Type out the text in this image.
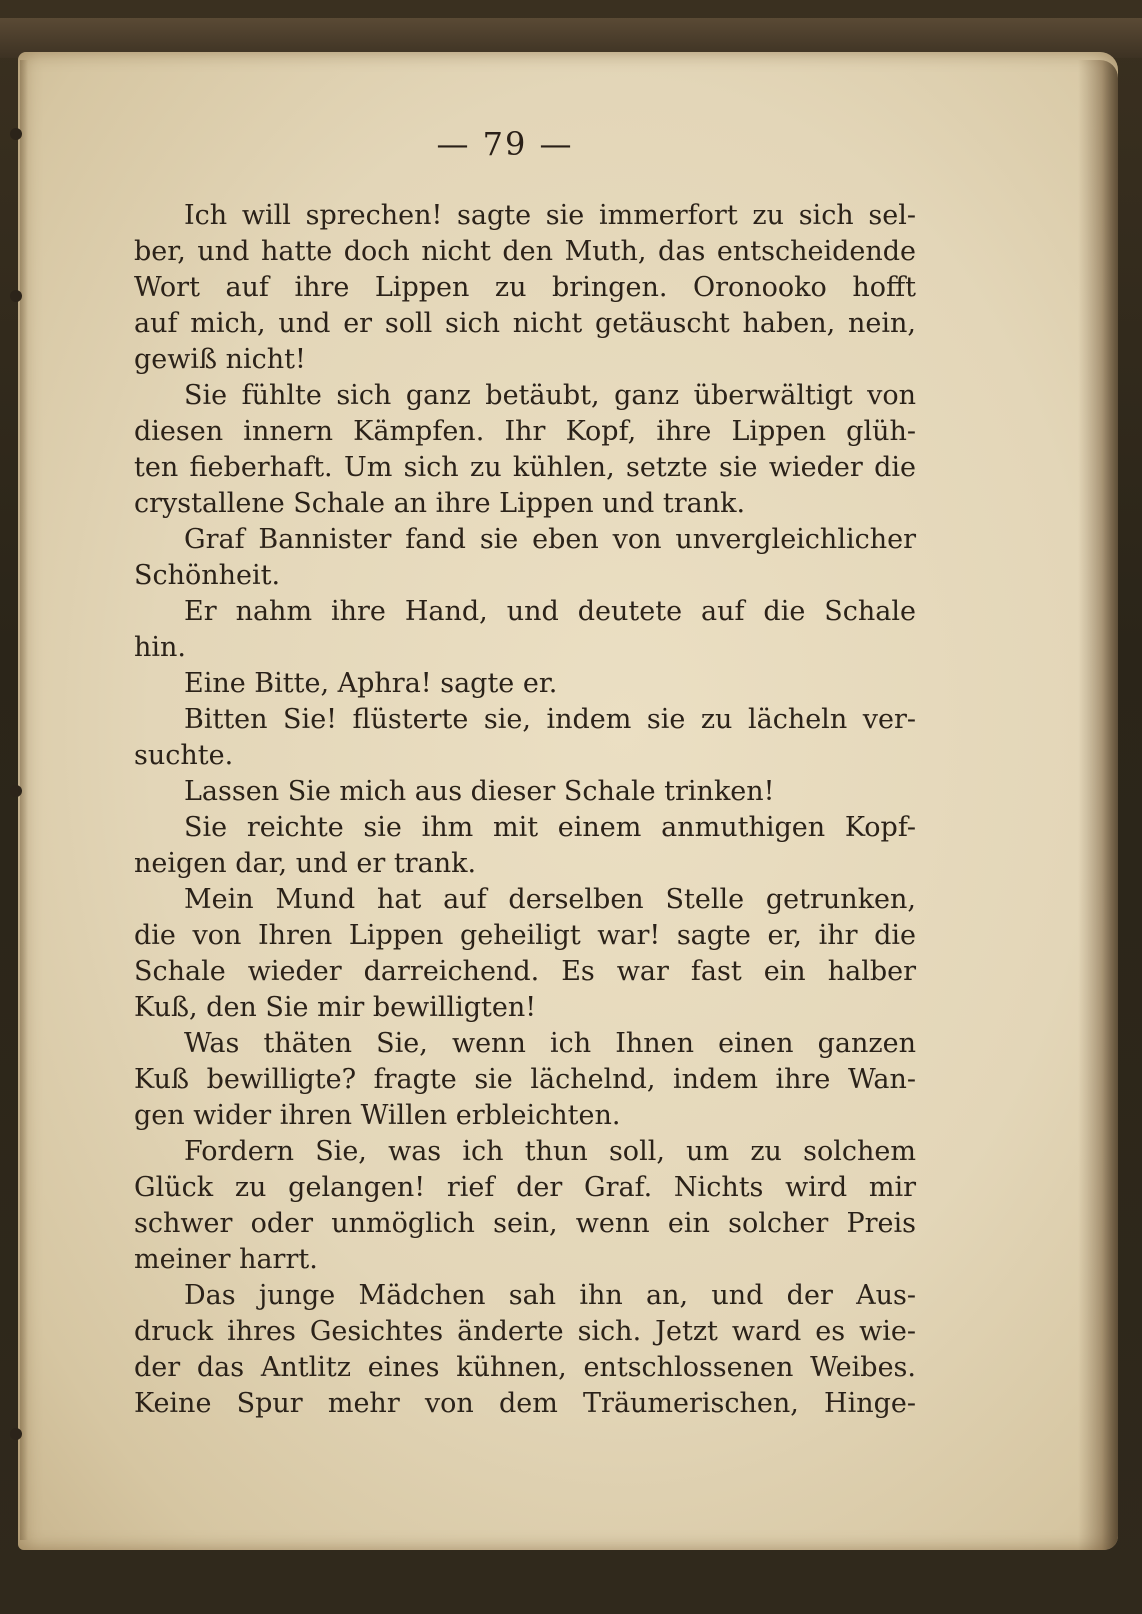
— 79 —
Ich will sprechen! sagte sie immerfort zu sich sel-
ber, und hatte doch nicht den Muth, das entscheidende
Wort auf ihre Lippen zu bringen. Oronooko hofft
auf mich, und er soll sich nicht getäuscht haben, nein,
gewiß nicht!
Sie fühlte sich ganz betäubt, ganz überwältigt von
diesen innern Kämpfen. Ihr Kopf, ihre Lippen glüh-
ten fieberhaft. Um sich zu kühlen, setzte sie wieder die
crystallene Schale an ihre Lippen und trank.
Graf Bannister fand sie eben von unvergleichlicher
Schönheit.
Er nahm ihre Hand, und deutete auf die Schale
hin.
Eine Bitte, Aphra! sagte er.
Bitten Sie! flüsterte sie, indem sie zu lächeln ver-
suchte.
Lassen Sie mich aus dieser Schale trinken!
Sie reichte sie ihm mit einem anmuthigen Kopf-
neigen dar, und er trank.
Mein Mund hat auf derselben Stelle getrunken,
die von Ihren Lippen geheiligt war! sagte er, ihr die
Schale wieder darreichend. Es war fast ein halber
Kuß, den Sie mir bewilligten!
Was thäten Sie, wenn ich Ihnen einen ganzen
Kuß bewilligte? fragte sie lächelnd, indem ihre Wan-
gen wider ihren Willen erbleichten.
Fordern Sie, was ich thun soll, um zu solchem
Glück zu gelangen! rief der Graf. Nichts wird mir
schwer oder unmöglich sein, wenn ein solcher Preis
meiner harrt.
Das junge Mädchen sah ihn an, und der Aus-
druck ihres Gesichtes änderte sich. Jetzt ward es wie-
der das Antlitz eines kühnen, entschlossenen Weibes.
Keine Spur mehr von dem Träumerischen, Hinge-
